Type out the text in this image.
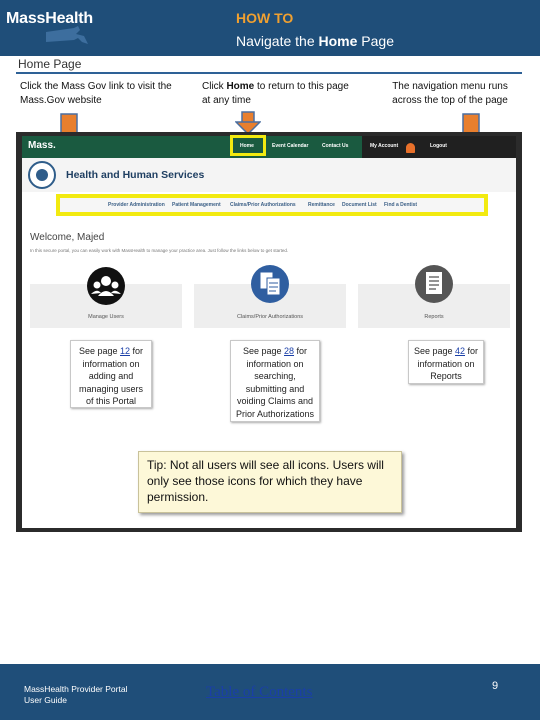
MassHealth	HOW TO
Navigate the Home Page
Home Page
Click the Mass Gov link to visit the Mass.Gov website
Click Home to return to this page at any time
The navigation menu runs across the top of the page
Mass.	Home	Event Calendar	Contact Us	My Account	Logout
Health and Human Services
Provider Administration Patient Management Claims/Prior Authorizations Remittance Document List Find a Dentist
Welcome, Majed
In this secure portal, you can easily work with MassHealth to manage your practice area. Just follow the links below to get started.
Manage Users	Claims/Prior Authorizations	Reports
See page 12 for information on adding and managing users of this Portal
See page 28 for information on searching, submitting and voiding Claims and Prior Authorizations
See page 42 for information on Reports
Tip: Not all users will see all icons. Users will only see those icons for which they have permission.
MassHealth Provider Portal
User Guide	Table of Contents	9
